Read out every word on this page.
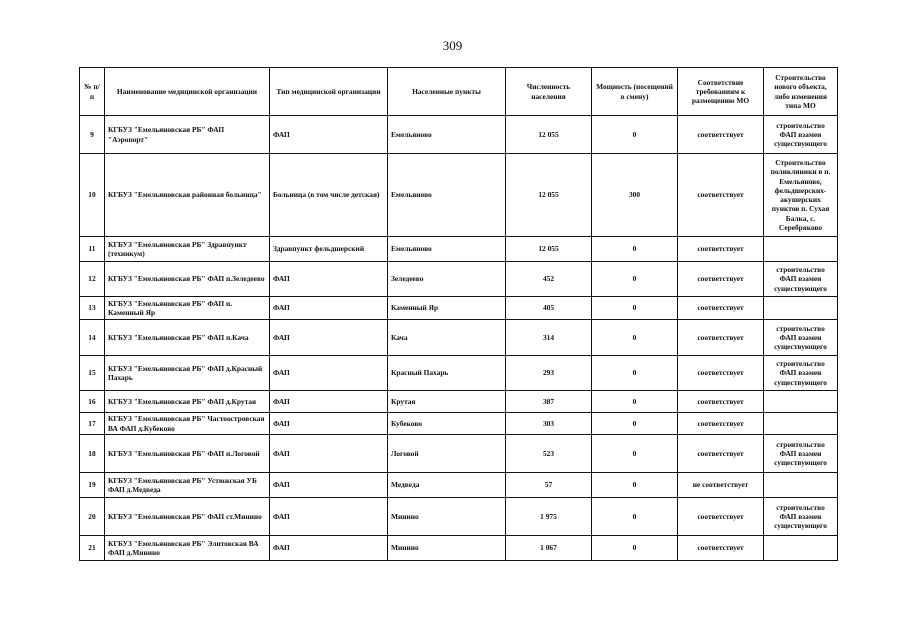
309
№ п/п	Наименование медицинской организации	Тип медицинской организации	Населенные пункты	Численность населения	Мощность (посещений в смену)	Соответствие требованиям к размещению МО	Строительство нового объекта, либо изменения типа МО
9	КГБУЗ "Емельяновская РБ" ФАП "Аэропорт"	ФАП	Емельяново	12 055	0	соответствует	строительство ФАП взамен существующего
10	КГБУЗ "Емельяновская районная больница"	Больница (в том числе детская)	Емельяново	12 055	300	соответствует	Строительство поликлиники в п. Емельяново, фельдшерских-акушерских пунктов п. Сухая Балка, с. Серебряково
11	КГБУЗ "Емельяновская РБ" Здравпункт (техникум)	Здравпункт фельдшерский	Емельяново	12 055	0	соответствует	
12	КГБУЗ "Емельяновская РБ" ФАП п.Зеледеево	ФАП	Зеледеево	452	0	соответствует	строительство ФАП взамен существующего
13	КГБУЗ "Емельяновская РБ" ФАП п. Каменный Яр	ФАП	Каменный Яр	405	0	соответствует	
14	КГБУЗ "Емельяновская РБ" ФАП п.Кача	ФАП	Кача	314	0	соответствует	строительство ФАП взамен существующего
15	КГБУЗ "Емельяновская РБ" ФАП д.Красный Пахарь	ФАП	Красный Пахарь	293	0	соответствует	строительство ФАП взамен существующего
16	КГБУЗ "Емельяновская РБ" ФАП д.Крутая	ФАП	Крутая	387	0	соответствует	
17	КГБУЗ "Емельяновская РБ" Частоостровская ВА ФАП д.Кубеково	ФАП	Кубеково	303	0	соответствует	
18	КГБУЗ "Емельяновская РБ" ФАП п.Логовой	ФАП	Логовой	523	0	соответствует	строительство ФАП взамен существующего
19	КГБУЗ "Емельяновская РБ" Устюжская УБ ФАП д.Медведа	ФАП	Медведа	57	0	не соответствует	
20	КГБУЗ "Емельяновская РБ" ФАП ст.Минино	ФАП	Минино	1 975	0	соответствует	строительство ФАП взамен существующего
21	КГБУЗ "Емельяновская РБ" Элитовская ВА ФАП д.Минино	ФАП	Минино	1 067	0	соответствует	
